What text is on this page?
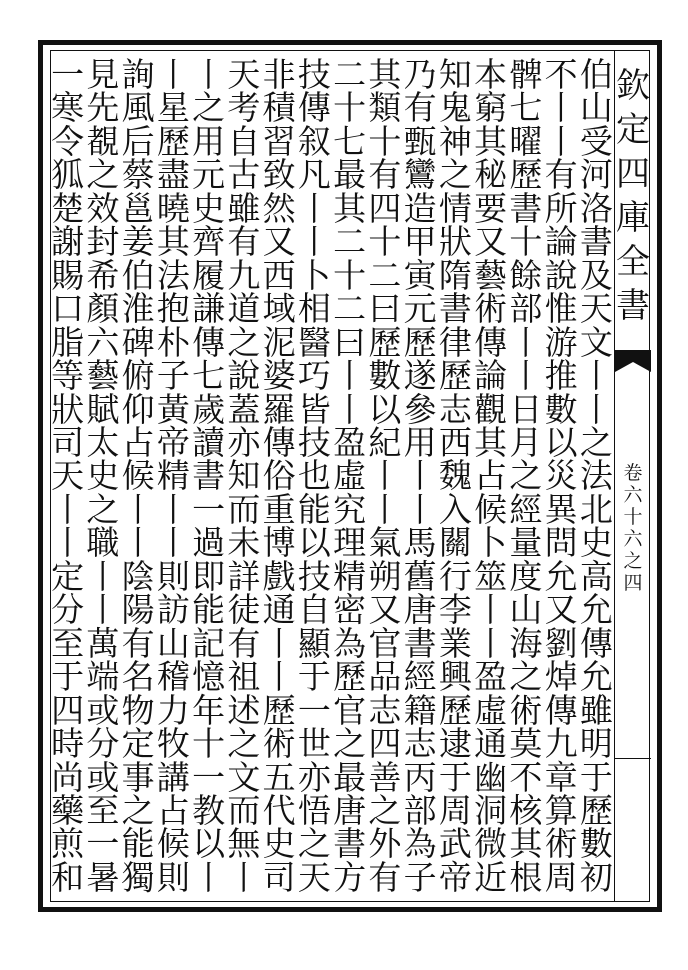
欽
定
四
庫
全
書
卷
六
十
六
之
四
伯
山
受
河
洛
書
及
天
文
丨
丨
之
法
北
史
高
允
傳
允
雖
明
于
歷
數
初
不
丨
丨
有
所
論
說
惟
游
推
數
以
災
異
問
允
又
劉
焯
傳
九
章
算
術
周
髀
七
曜
歷
書
十
餘
部
丨
丨
日
月
之
經
量
度
山
海
之
術
莫
不
核
其
根
本
窮
其
秘
要
又
藝
術
傳
論
觀
其
占
候
卜
筮
丨
丨
盈
虛
通
幽
洞
微
近
知
鬼
神
之
情
狀
隋
書
律
歷
志
西
魏
入
關
行
李
業
興
歷
逮
于
周
武
帝
乃
有
甄
鸞
造
甲
寅
元
歷
遂
參
用
丨
丨
馬
舊
唐
書
經
籍
志
丙
部
為
子
其
類
十
有
四
十
二
曰
歷
數
以
紀
丨
丨
氣
朔
又
官
品
志
四
善
之
外
有
二
十
七
最
其
二
十
二
曰
丨
丨
盈
虛
究
理
精
密
為
歷
官
之
最
唐
書
方
技
傳
叙
凡
丨
丨
卜
相
醫
巧
皆
技
也
能
以
技
自
顯
于
一
世
亦
悟
之
天
非
積
習
致
然
又
西
域
泥
婆
羅
傳
俗
重
博
戲
通
丨
丨
歷
術
五
代
史
司
天
考
自
古
雖
有
九
道
之
說
蓋
亦
知
而
未
詳
徒
有
祖
述
之
文
而
無
丨
丨
之
用
元
史
齊
履
謙
傳
七
歲
讀
書
一
過
即
能
記
憶
年
十
一
教
以
丨
丨
星
歷
盡
曉
其
法
抱
朴
子
黃
帝
精
丨
丨
則
訪
山
稽
力
牧
講
占
候
則
詢
風
后
蔡
邕
姜
伯
淮
碑
俯
仰
占
候
丨
丨
陰
陽
有
名
物
定
事
之
能
獨
見
先
覩
之
效
封
希
顏
六
藝
賦
太
史
之
職
丨
丨
萬
端
或
分
或
至
一
暑
一
寒
令
狐
楚
謝
賜
口
脂
等
狀
司
天
丨
丨
定
分
至
于
四
時
尚
藥
煎
和
